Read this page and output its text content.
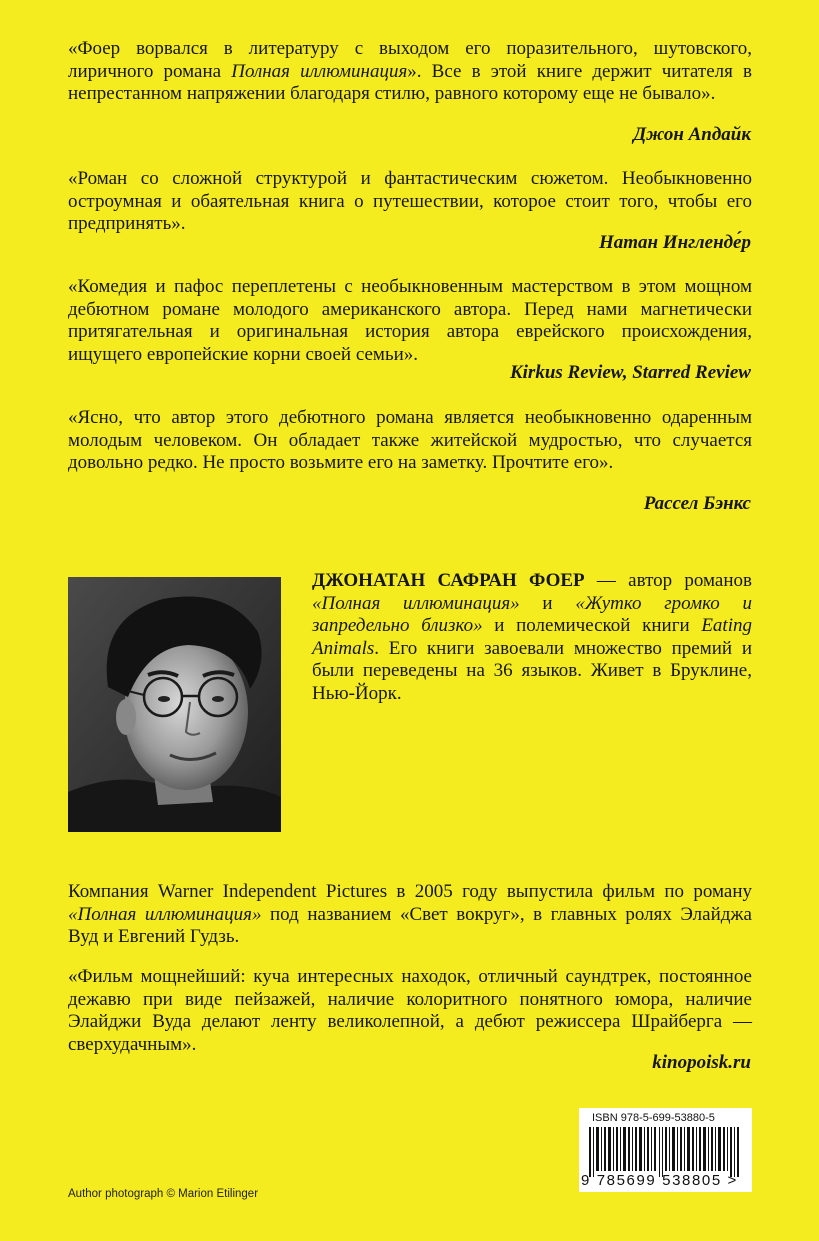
«Фоер ворвался в литературу с выходом его поразительного, шутовского, лиричного романа Полная иллюминация». Все в этой книге держит читателя в непрестанном напряжении благодаря стилю, равного которому еще не бывало».
Джон Апдайк
«Роман со сложной структурой и фантастическим сюжетом. Необыкновенно остроумная и обаятельная книга о путешествии, которое стоит того, чтобы его предпринять».
Натан Ингленде́р
«Комедия и пафос переплетены с необыкновенным мастерством в этом мощном дебютном романе молодого американского автора. Перед нами магнетически притягательная и оригинальная история автора еврейского происхождения, ищущего европейские корни своей семьи».
Kirkus Review, Starred Review
«Ясно, что автор этого дебютного романа является необыкновенно одаренным молодым человеком. Он обладает также житейской мудростью, что случается довольно редко. Не просто возьмите его на заметку. Прочтите его».
Рассел Бэнкс
ДЖОНАТАН САФРАН ФОЕР — автор романов «Полная иллюминация» и «Жутко громко и запредельно близко» и полемической книги Eating Animals. Его книги завоевали множество премий и были переведены на 36 языков. Живет в Бруклине, Нью-Йорк.
Компания Warner Independent Pictures в 2005 году выпустила фильм по роману «Полная иллюминация» под названием «Свет вокруг», в главных ролях Элайджа Вуд и Евгений Гудзь.
«Фильм мощнейший: куча интересных находок, отличный саундтрек, постоянное дежавю при виде пейзажей, наличие колоритного понятного юмора, наличие Элайджи Вуда делают ленту великолепной, а дебют режиссера Шрайберга — сверхудачным».
kinopoisk.ru
ISBN 978-5-699-53880-5
9 785699 538805 >
Author photograph © Marion Etilinger
